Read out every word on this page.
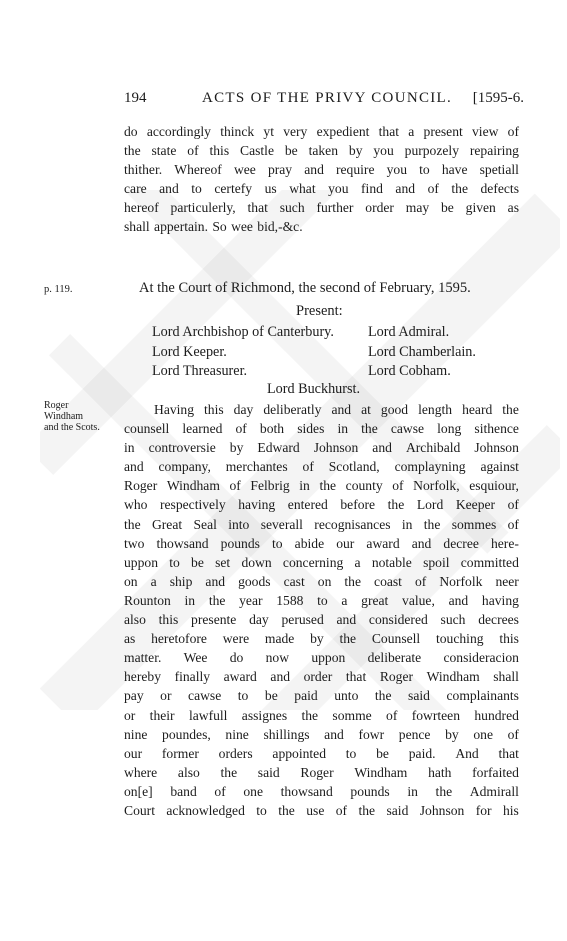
194	ACTS OF THE PRIVY COUNCIL. [1595-6.
do accordingly thinck yt very expedient that a present view of
the state of this Castle be taken by you purpozely repairing
thither. Whereof wee pray and require you to have spetiall
care and to certefy us what you find and of the defects
hereof particulerly, that such further order may be given as
shall appertain. So wee bid,-&c.
p. 119.	At the Court of Richmond, the second of February, 1595.
Present:
Lord Archbishop of Canterbury. Lord Admiral.
Lord Keeper.	Lord Chamberlain.
Lord Threasurer.	Lord Cobham.
Lord Buckhurst.
Roger
Windham
and the Scots.
Having this day deliberatly and at good length heard the
counsell learned of both sides in the cawse long sithence
in controversie by Edward Johnson and Archibald Johnson
and company, merchantes of Scotland, complayning against
Roger Windham of Felbrig in the county of Norfolk, esquiour,
who respectively having entered before the Lord Keeper of
the Great Seal into severall recognisances in the sommes of
two thowsand pounds to abide our award and decree here-
uppon to be set down concerning a notable spoil committed
on a ship and goods cast on the coast of Norfolk neer
Rounton in the year 1588 to a great value, and having
also this presente day perused and considered such decrees
as heretofore were made by the Counsell touching this
matter. Wee do now uppon deliberate consideracion
hereby finally award and order that Roger Windham shall
pay or cawse to be paid unto the said complainants
or their lawfull assignes the somme of fowrteen hundred
nine poundes, nine shillings and fowr pence by one of
our former orders appointed to be paid. And that
where also the said Roger Windham hath forfaited
on[e] band of one thowsand pounds in the Admirall
Court acknowledged to the use of the said Johnson for his
